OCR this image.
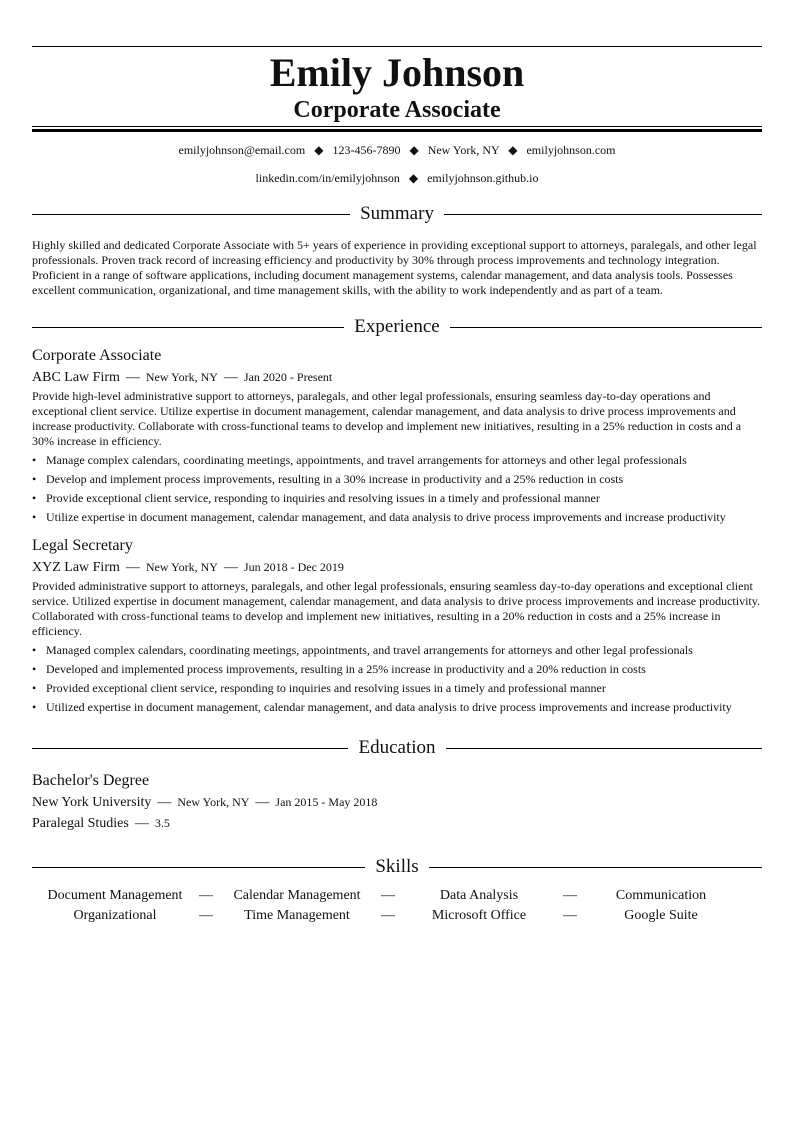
Emily Johnson
Corporate Associate
emilyjohnson@email.com ◆ 123-456-7890 ◆ New York, NY ◆ emilyjohnson.com
linkedin.com/in/emilyjohnson ◆ emilyjohnson.github.io
Summary
Highly skilled and dedicated Corporate Associate with 5+ years of experience in providing exceptional support to attorneys, paralegals, and other legal professionals. Proven track record of increasing efficiency and productivity by 30% through process improvements and technology integration. Proficient in a range of software applications, including document management systems, calendar management, and data analysis tools. Possesses excellent communication, organizational, and time management skills, with the ability to work independently and as part of a team.
Experience
Corporate Associate
ABC Law Firm — New York, NY — Jan 2020 - Present
Provide high-level administrative support to attorneys, paralegals, and other legal professionals, ensuring seamless day-to-day operations and exceptional client service. Utilize expertise in document management, calendar management, and data analysis to drive process improvements and increase productivity. Collaborate with cross-functional teams to develop and implement new initiatives, resulting in a 25% reduction in costs and a 30% increase in efficiency.
• Manage complex calendars, coordinating meetings, appointments, and travel arrangements for attorneys and other legal professionals
• Develop and implement process improvements, resulting in a 30% increase in productivity and a 25% reduction in costs
• Provide exceptional client service, responding to inquiries and resolving issues in a timely and professional manner
• Utilize expertise in document management, calendar management, and data analysis to drive process improvements and increase productivity
Legal Secretary
XYZ Law Firm — New York, NY — Jun 2018 - Dec 2019
Provided administrative support to attorneys, paralegals, and other legal professionals, ensuring seamless day-to-day operations and exceptional client service. Utilized expertise in document management, calendar management, and data analysis to drive process improvements and increase productivity. Collaborated with cross-functional teams to develop and implement new initiatives, resulting in a 20% reduction in costs and a 25% increase in efficiency.
• Managed complex calendars, coordinating meetings, appointments, and travel arrangements for attorneys and other legal professionals
• Developed and implemented process improvements, resulting in a 25% increase in productivity and a 20% reduction in costs
• Provided exceptional client service, responding to inquiries and resolving issues in a timely and professional manner
• Utilized expertise in document management, calendar management, and data analysis to drive process improvements and increase productivity
Education
Bachelor's Degree
New York University — New York, NY — Jan 2015 - May 2018
Paralegal Studies — 3.5
Skills
Document Management	—	Calendar Management	—	Data Analysis	—	Communication
Organizational	—	Time Management	—	Microsoft Office	—	Google Suite
